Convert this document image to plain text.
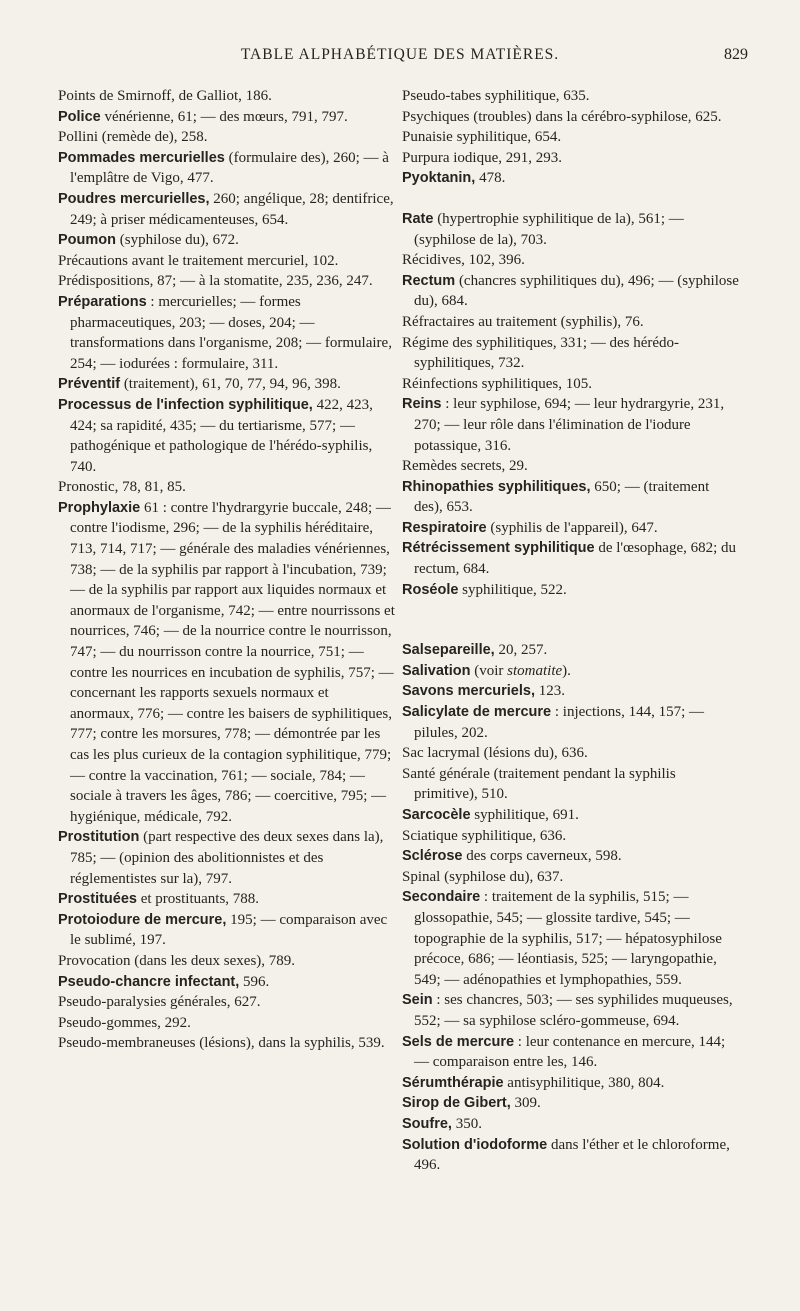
TABLE ALPHABÉTIQUE DES MATIÈRES.	829

Points de Smirnoff, de Galliot, 186.

Police vénérienne, 61; — des mœurs, 791, 797.

Pollini (remède de), 258.

Pommades mercurielles (formulaire des), 260; — à l'emplâtre de Vigo, 477.

Poudres mercurielles, 260; angélique, 28; dentifrice, 249; à priser médicamenteuses, 654.

Poumon (syphilose du), 672.

Précautions avant le traitement mercuriel, 102.

Prédispositions, 87; — à la stomatite, 235, 236, 247.

Préparations : mercurielles; — formes pharmaceutiques, 203; — doses, 204; — transformations dans l'organisme, 208; — formulaire, 254; — iodurées : formulaire, 311.

Préventif (traitement), 61, 70, 77, 94, 96, 398.

Processus de l'infection syphilitique, 422, 423, 424; sa rapidité, 435; — du tertiarisme, 577; — pathogénique et pathologique de l'hérédo-syphilis, 740.

Pronostic, 78, 81, 85.

Prophylaxie 61 : contre l'hydrargyrie buccale, 248; — contre l'iodisme, 296; — de la syphilis héréditaire, 713, 714, 717; — générale des maladies vénériennes, 738; — de la syphilis par rapport à l'incubation, 739; — de la syphilis par rapport aux liquides normaux et anormaux de l'organisme, 742; — entre nourrissons et nourrices, 746; — de la nourrice contre le nourrisson, 747; — du nourrisson contre la nourrice, 751; — contre les nourrices en incubation de syphilis, 757; — concernant les rapports sexuels normaux et anormaux, 776; — contre les baisers de syphilitiques, 777; contre les morsures, 778; — démontrée par les cas les plus curieux de la contagion syphilitique, 779; — contre la vaccination, 761; — sociale, 784; — sociale à travers les âges, 786; — coercitive, 795; — hygiénique, médicale, 792.

Prostitution (part respective des deux sexes dans la), 785; — (opinion des abolitionnistes et des réglementistes sur la), 797.

Prostituées et prostituants, 788.

Protoiodure de mercure, 195; — comparaison avec le sublimé, 197.

Provocation (dans les deux sexes), 789.

Pseudo-chancre infectant, 596.

Pseudo-paralysies générales, 627.

Pseudo-gommes, 292.

Pseudo-membraneuses (lésions), dans la syphilis, 539.

Pseudo-tabes syphilitique, 635.

Psychiques (troubles) dans la cérébro-syphilose, 625.

Punaisie syphilitique, 654.

Purpura iodique, 291, 293.

Pyoktanin, 478.

Rate (hypertrophie syphilitique de la), 561; — (syphilose de la), 703.

Récidives, 102, 396.

Rectum (chancres syphilitiques du), 496; — (syphilose du), 684.

Réfractaires au traitement (syphilis), 76.

Régime des syphilitiques, 331; — des hérédo-syphilitiques, 732.

Réinfections syphilitiques, 105.

Reins : leur syphilose, 694; — leur hydrargyrie, 231, 270; — leur rôle dans l'élimination de l'iodure potassique, 316.

Remèdes secrets, 29.

Rhinopathies syphilitiques, 650; — (traitement des), 653.

Respiratoire (syphilis de l'appareil), 647.

Rétrécissement syphilitique de l'œsophage, 682; du rectum, 684.

Roséole syphilitique, 522.

Salsepareille, 20, 257.

Salivation (voir stomatite).

Savons mercuriels, 123.

Salicylate de mercure : injections, 144, 157; — pilules, 202.

Sac lacrymal (lésions du), 636.

Santé générale (traitement pendant la syphilis primitive), 510.

Sarcocèle syphilitique, 691.

Sciatique syphilitique, 636.

Sclérose des corps caverneux, 598.

Spinal (syphilose du), 637.

Secondaire : traitement de la syphilis, 515; — glossopathie, 545; — glossite tardive, 545; — topographie de la syphilis, 517; — hépatosyphilose précoce, 686; — léontiasis, 525; — laryngopathie, 549; — adénopathies et lymphopathies, 559.

Sein : ses chancres, 503; — ses syphilides muqueuses, 552; — sa syphilose scléro-gommeuse, 694.

Sels de mercure : leur contenance en mercure, 144; — comparaison entre les, 146.

Sérumthérapie antisyphilitique, 380, 804.

Sirop de Gibert, 309.

Soufre, 350.

Solution d'iodoforme dans l'éther et le chloroforme, 496.
